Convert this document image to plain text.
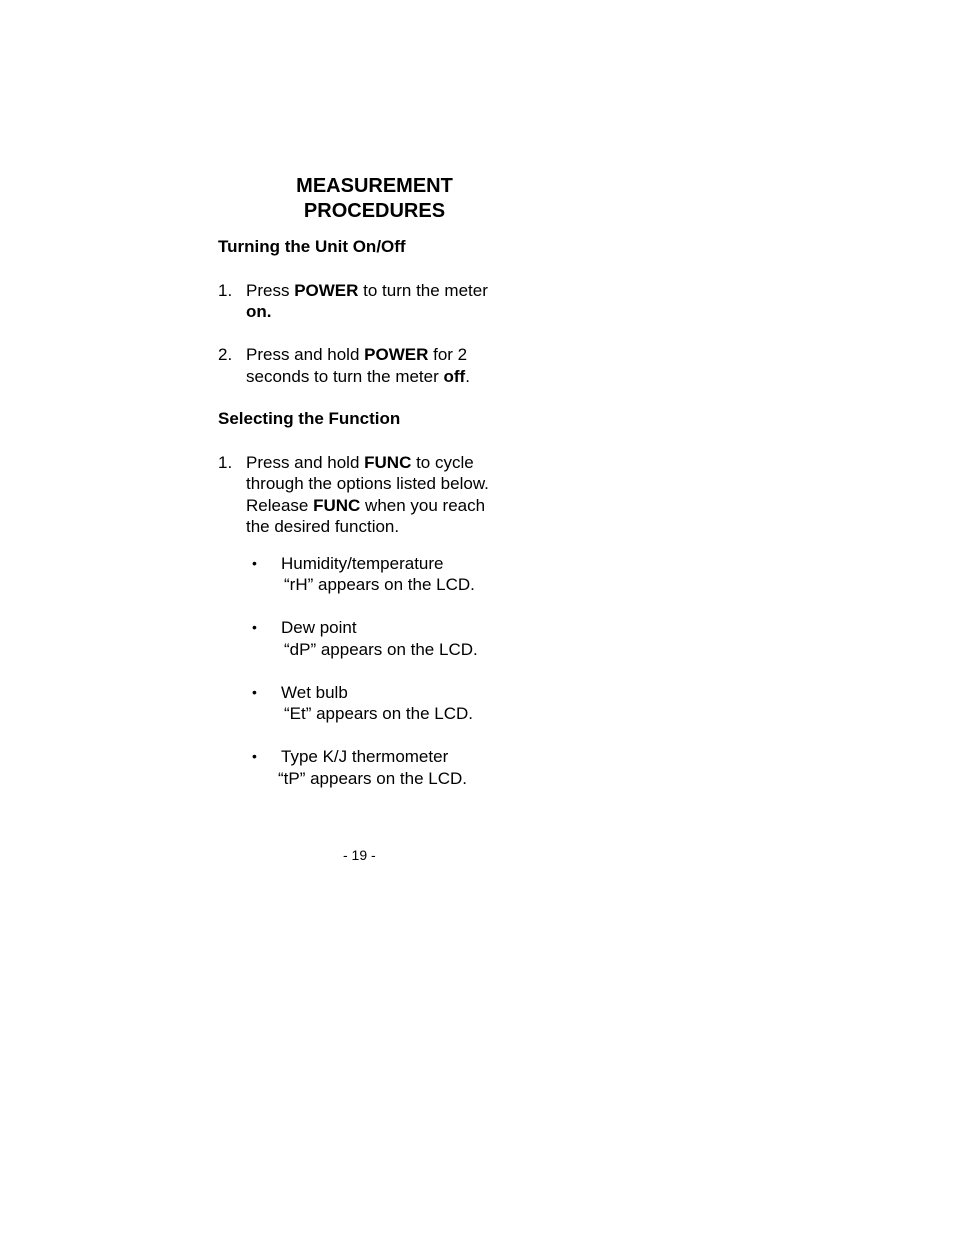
MEASUREMENT
PROCEDURES
Turning the Unit On/Off
1. Press POWER to turn the meter
on.
2. Press and hold POWER for 2
seconds to turn the meter off.
Selecting the Function
1. Press and hold FUNC to cycle
through the options listed below.
Release FUNC when you reach
the desired function.
• Humidity/temperature
“rH” appears on the LCD.
• Dew point
“dP” appears on the LCD.
• Wet bulb
“Et” appears on the LCD.
• Type K/J thermometer
“tP” appears on the LCD.
- 19 -
